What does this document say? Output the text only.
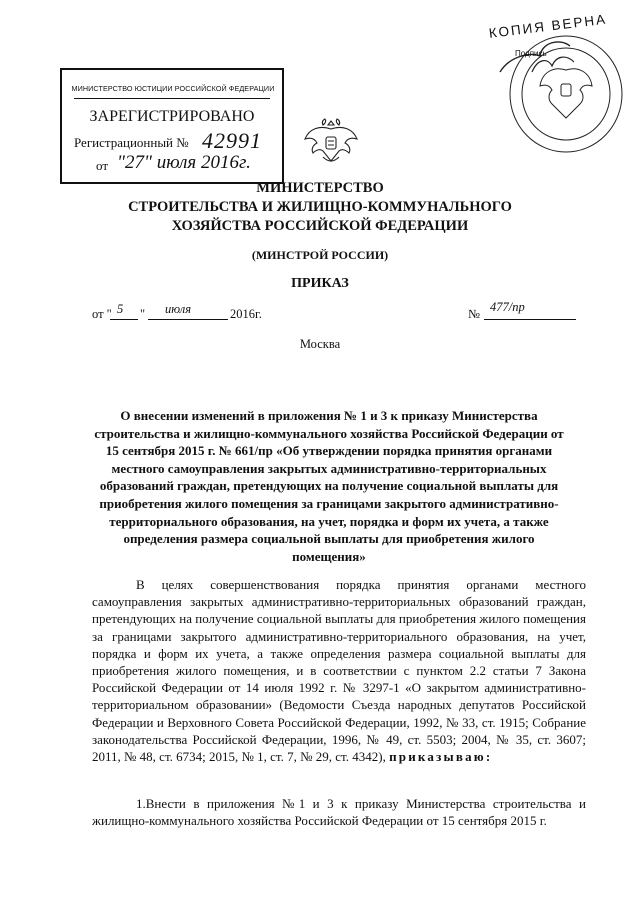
МИНИСТЕРСТВО ЮСТИЦИИ РОССИЙСКОЙ ФЕДЕРАЦИИ
ЗАРЕГИСТРИРОВАНО
Регистрационный № 42991
от "27" июля 2016г.
КОПИЯ ВЕРНА
Подпись
МИНИСТЕРСТВО
СТРОИТЕЛЬСТВА И ЖИЛИЩНО-КОММУНАЛЬНОГО
ХОЗЯЙСТВА РОССИЙСКОЙ ФЕДЕРАЦИИ
(МИНСТРОЙ РОССИИ)
ПРИКАЗ
от " 5 " июля	2016г.	№ 477/пр
Москва
О внесении изменений в приложения № 1 и 3 к приказу Министерства строительства и жилищно-коммунального хозяйства Российской Федерации от 15 сентября 2015 г. № 661/пр «Об утверждении порядка принятия органами местного самоуправления закрытых административно-территориальных образований граждан, претендующих на получение социальной выплаты для приобретения жилого помещения за границами закрытого административно-территориального образования, на учет, порядка и форм их учета, а также определения размера социальной выплаты для приобретения жилого помещения»
В целях совершенствования порядка принятия органами местного самоуправления закрытых административно-территориальных образований граждан, претендующих на получение социальной выплаты для приобретения жилого помещения за границами закрытого административно-территориального образования, на учет, порядка и форм их учета, а также определения размера социальной выплаты для приобретения жилого помещения, и в соответствии с пунктом 2.2 статьи 7 Закона Российской Федерации от 14 июля 1992 г. № 3297-1 «О закрытом административно-территориальном образовании» (Ведомости Съезда народных депутатов Российской Федерации и Верховного Совета Российской Федерации, 1992, № 33, ст. 1915; Собрание законодательства Российской Федерации, 1996, № 49, ст. 5503; 2004, № 35, ст. 3607; 2011, № 48, ст. 6734; 2015, № 1, ст. 7, № 29, ст. 4342), приказываю:
1.Внести в приложения №1 и 3 к приказу Министерства строительства и жилищно-коммунального хозяйства Российской Федерации от 15 сентября 2015 г.
